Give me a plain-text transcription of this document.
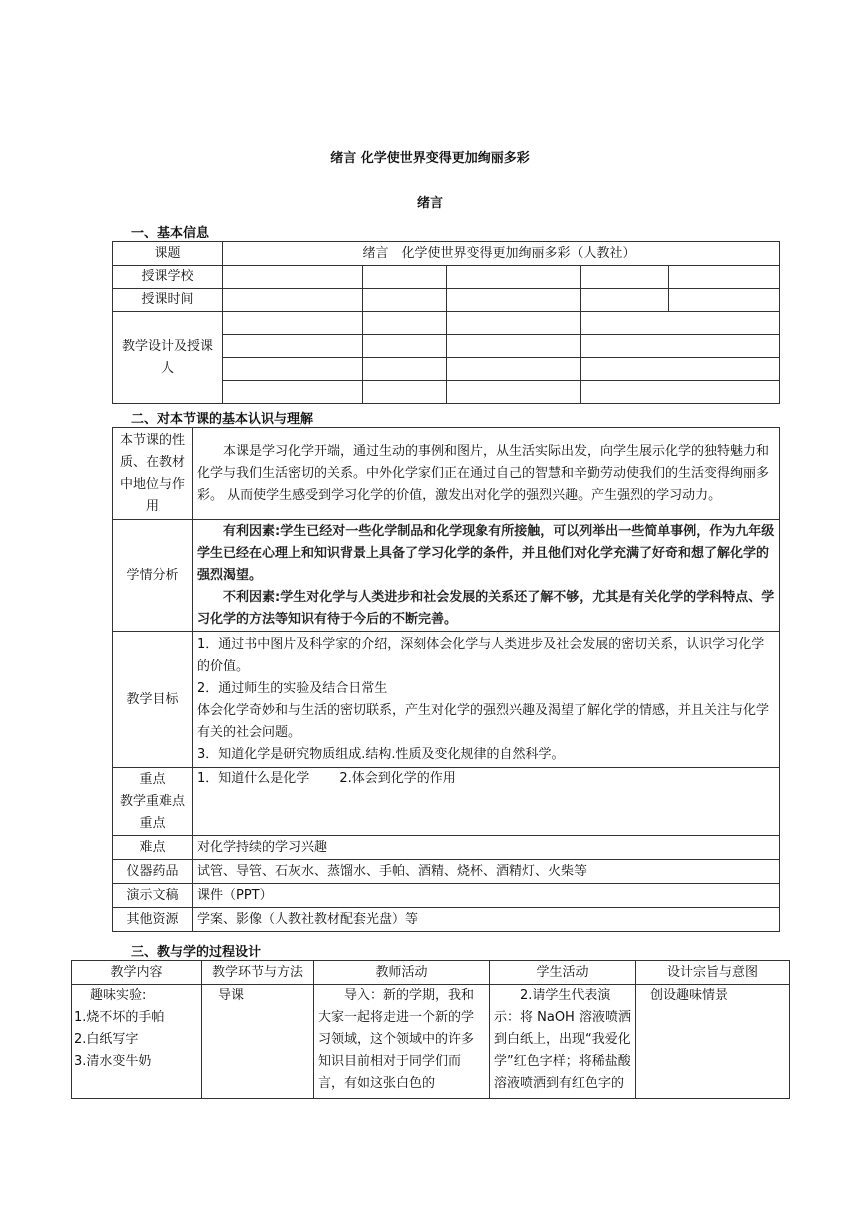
绪言 化学使世界变得更加绚丽多彩
绪言
一、基本信息
课题	绪言　化学使世界变得更加绚丽多彩（人教社）				
授课学校					
授课时间					
教学设计及授课人					

二、对本节课的基本认识与理解
本节课的性质、在教材中地位与作用	本课是学习化学开端，通过生动的事例和图片，从生活实际出发，向学生展示化学的独特魅力和化学与我们生活密切的关系。中外化学家们正在通过自己的智慧和辛勤劳动使我们的生活变得绚丽多彩。 从而使学生感受到学习化学的价值，激发出对化学的强烈兴趣。产生强烈的学习动力。

学情分析	有利因素:学生已经对一些化学制品和化学现象有所接触，可以列举出一些简单事例，作为九年级学生已经在心理上和知识背景上具备了学习化学的条件，并且他们对化学充满了好奇和想了解化学的强烈渴望。

不利因素:学生对化学与人类进步和社会发展的关系还了解不够，尤其是有关化学的学科特点、学习化学的方法等知识有待于今后的不断完善。

教学目标	1．通过书中图片及科学家的介绍，深刻体会化学与人类进步及社会发展的密切关系，认识学习化学的价值。

2．通过师生的实验及结合日常生

体会化学奇妙和与生活的密切联系，产生对化学的强烈兴趣及渴望了解化学的情感，并且关注与化学有关的社会问题。

3．知道化学是研究物质组成.结构.性质及变化规律的自然科学。

重点
教学重难点
重点	1．知道什么是化学　　 2.体会到化学的作用
难点	对化学持续的学习兴趣
仪器药品	试管、导管、石灰水、蒸馏水、手帕、酒精、烧杯、酒精灯、火柴等
演示文稿	课件（PPT）
其他资源	学案、影像（人教社教材配套光盘）等
三、教与学的过程设计
教学内容	教学环节与方法	教师活动	学生活动	设计宗旨与意图

趣味实验:
1.烧不坏的手帕
2.白纸写字
3.清水变牛奶	导课	导入：新的学期，我和大家一起将走进一个新的学习领域，这个领域中的许多知识目前相对于同学们而言，有如这张白色的	2.请学生代表演示：将 NaOH 溶液喷洒到白纸上，出现“我爱化学”红色字样；将稀盐酸溶液喷洒到有红色字的	创设趣味情景
